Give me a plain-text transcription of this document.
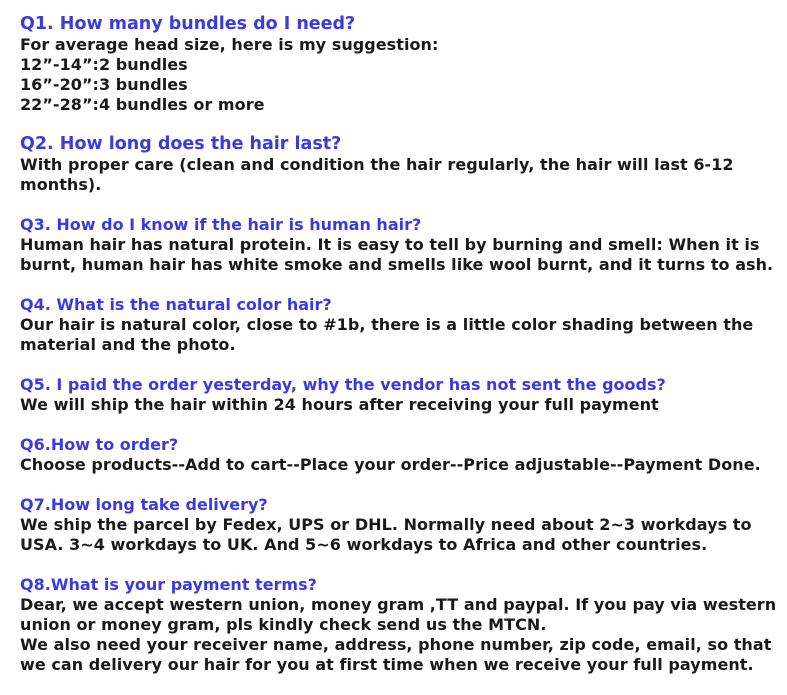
Q1. How many bundles do I need?

For average head size, here is my suggestion:
12”-14”:2 bundles
16”-20”:3 bundles
22”-28”:4 bundles or more

Q2. How long does the hair last?

With proper care (clean and condition the hair regularly, the hair will last 6-12
months).

Q3. How do I know if the hair is human hair?

Human hair has natural protein. It is easy to tell by burning and smell: When it is
burnt, human hair has white smoke and smells like wool burnt, and it turns to ash.

Q4. What is the natural color hair?

Our hair is natural color, close to #1b, there is a little color shading between the
material and the photo.

Q5. I paid the order yesterday, why the vendor has not sent the goods?

We will ship the hair within 24 hours after receiving your full payment

Q6.How to order?

Choose products--Add to cart--Place your order--Price adjustable--Payment Done.

Q7.How long take delivery?

We ship the parcel by Fedex, UPS or DHL. Normally need about 2~3 workdays to
USA. 3~4 workdays to UK. And 5~6 workdays to Africa and other countries.

Q8.What is your payment terms?

Dear, we accept western union, money gram ,TT and paypal. If you pay via western
union or money gram, pls kindly check send us the MTCN.
We also need your receiver name, address, phone number, zip code, email, so that
we can delivery our hair for you at first time when we receive your full payment.
